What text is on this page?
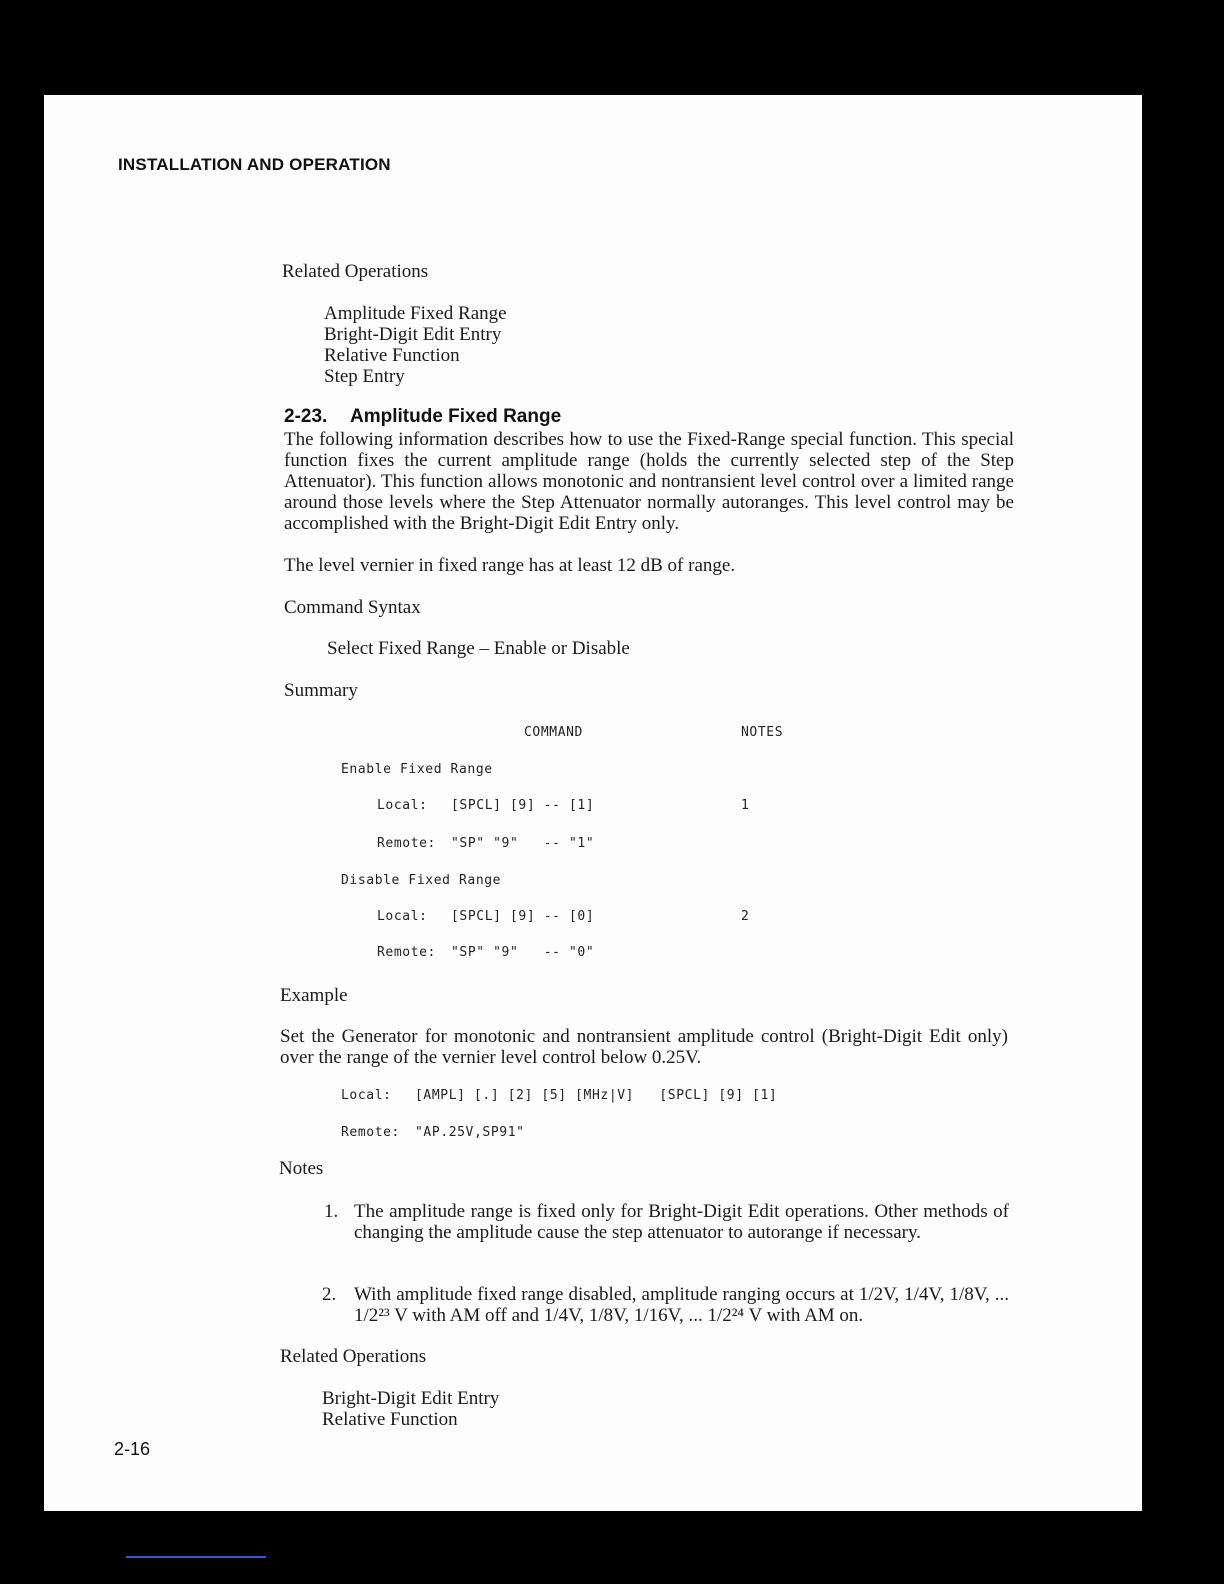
INSTALLATION AND OPERATION
Related Operations
Amplitude Fixed Range
Bright-Digit Edit Entry
Relative Function
Step Entry
2-23. Amplitude Fixed Range
The following information describes how to use the Fixed-Range special function. This special function fixes the current amplitude range (holds the currently selected step of the Step Attenuator). This function allows monotonic and nontransient level control over a limited range around those levels where the Step Attenuator normally autoranges. This level control may be accomplished with the Bright-Digit Edit Entry only.
The level vernier in fixed range has at least 12 dB of range.
Command Syntax
Select Fixed Range – Enable or Disable
Summary
COMMAND	NOTES
Enable Fixed Range
Local: [SPCL] [9] -- [1]	1
Remote: "SP" "9"   -- "1"
Disable Fixed Range
Local: [SPCL] [9] -- [0]	2
Remote: "SP" "9"   -- "0"
Example
Set the Generator for monotonic and nontransient amplitude control (Bright-Digit Edit only) over the range of the vernier level control below 0.25V.
Local: [AMPL] [.] [2] [5] [MHz|V]   [SPCL] [9] [1]
Remote: "AP.25V,SP91"
Notes
1. The amplitude range is fixed only for Bright-Digit Edit operations. Other methods of changing the amplitude cause the step attenuator to autorange if necessary.
2. With amplitude fixed range disabled, amplitude ranging occurs at 1/2V, 1/4V, 1/8V, ... 1/2²³ V with AM off and 1/4V, 1/8V, 1/16V, ... 1/2²⁴ V with AM on.
Related Operations
Bright-Digit Edit Entry
Relative Function
2-16
